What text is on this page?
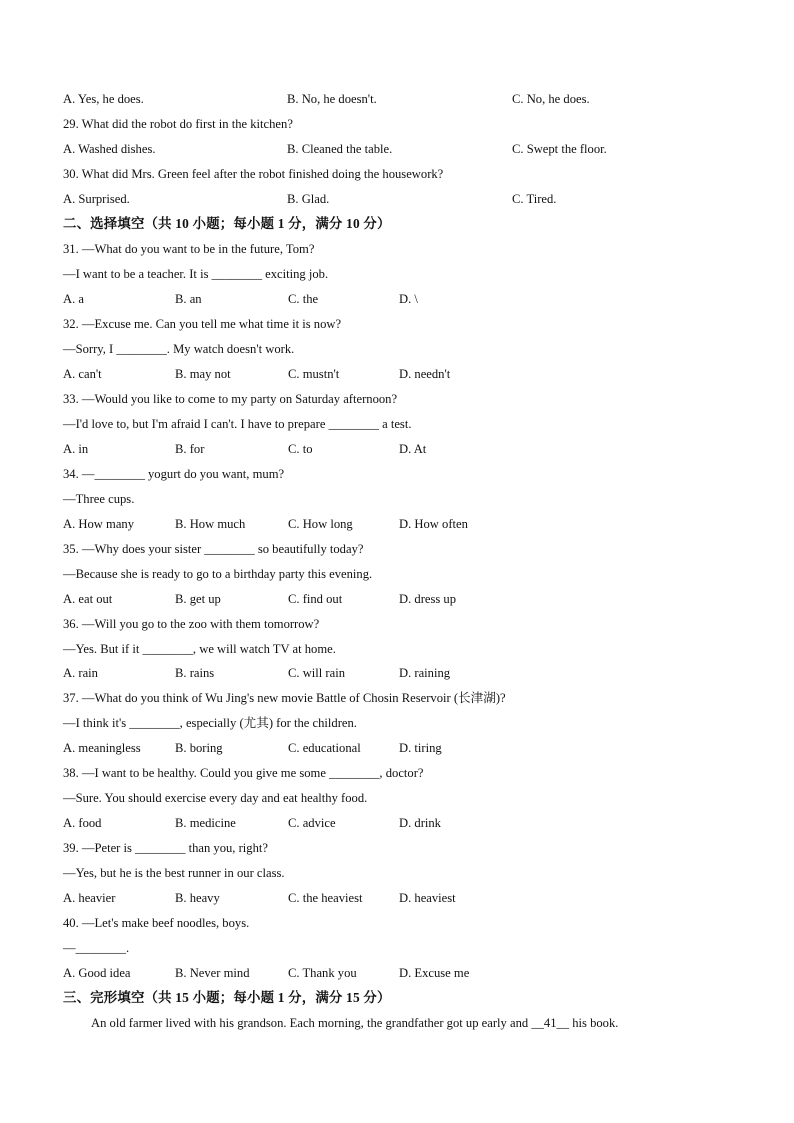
A. Yes, he does.	B. No, he doesn't.	C. No, he does.
29. What did the robot do first in the kitchen?
A. Washed dishes.	B. Cleaned the table.	C. Swept the floor.
30. What did Mrs. Green feel after the robot finished doing the housework?
A. Surprised.	B. Glad.	C. Tired.
二、选择填空（共 10 小题；每小题 1 分，满分 10 分）
31. —What do you want to be in the future, Tom?
—I want to be a teacher. It is ________ exciting job.
A. a	B. an	C. the	D. \
32. —Excuse me. Can you tell me what time it is now?
—Sorry, I ________. My watch doesn't work.
A. can't	B. may not	C. mustn't	D. needn't
33. —Would you like to come to my party on Saturday afternoon?
—I'd love to, but I'm afraid I can't. I have to prepare ________ a test.
A. in	B. for	C. to	D. At
34. —________ yogurt do you want, mum?
—Three cups.
A. How many	B. How much	C. How long	D. How often
35. —Why does your sister ________ so beautifully today?
—Because she is ready to go to a birthday party this evening.
A. eat out	B. get up	C. find out	D. dress up
36. —Will you go to the zoo with them tomorrow?
—Yes. But if it ________, we will watch TV at home.
A. rain	B. rains	C. will rain	D. raining
37. —What do you think of Wu Jing's new movie Battle of Chosin Reservoir (长津湖)?
—I think it's ________, especially (尤其) for the children.
A. meaningless	B. boring	C. educational	D. tiring
38. —I want to be healthy. Could you give me some ________, doctor?
—Sure. You should exercise every day and eat healthy food.
A. food	B. medicine	C. advice	D. drink
39. —Peter is ________ than you, right?
—Yes, but he is the best runner in our class.
A. heavier	B. heavy	C. the heaviest	D. heaviest
40. —Let's make beef noodles, boys.
—________.
A. Good idea	B. Never mind	C. Thank you	D. Excuse me
三、完形填空（共 15 小题；每小题 1 分，满分 15 分）
An old farmer lived with his grandson. Each morning, the grandfather got up early and __41__ his book.
